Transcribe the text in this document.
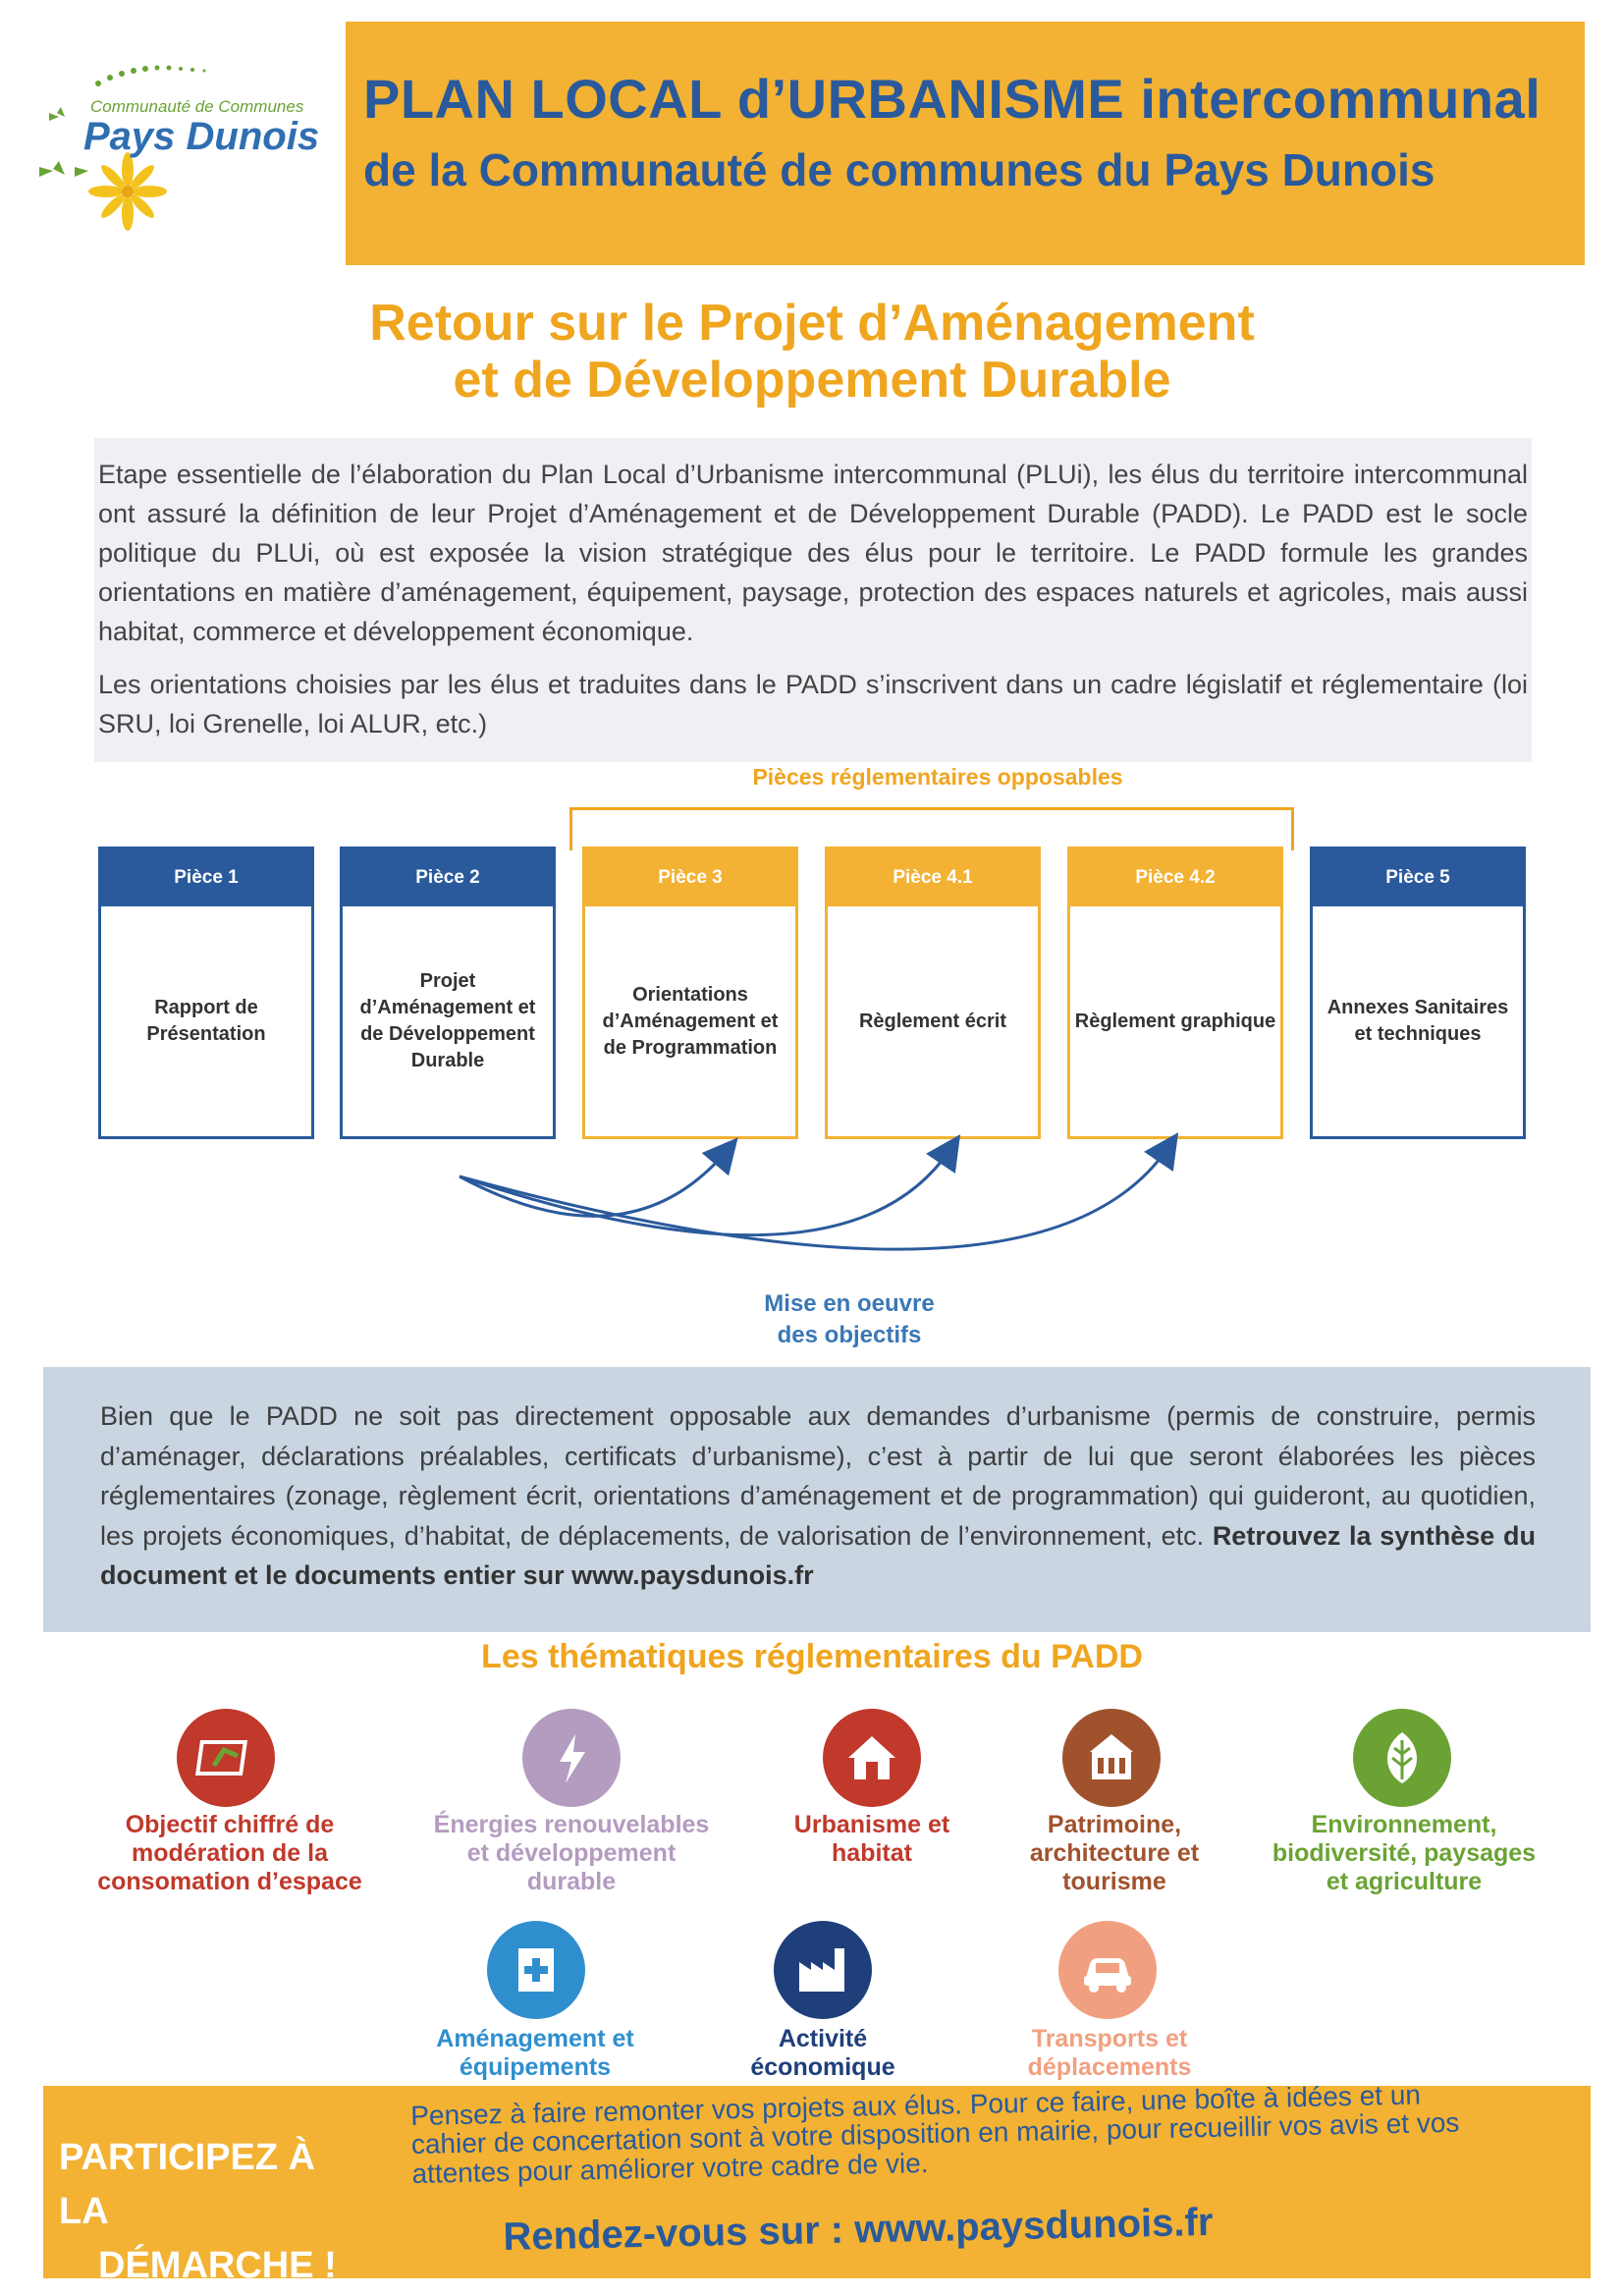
Communauté de Communes
Pays Dunois
PLAN LOCAL d’URBANISME intercommunal
de la Communauté de communes du Pays Dunois
Retour sur le Projet d’Aménagement
et de Développement Durable

Etape essentielle de l’élaboration du Plan Local d’Urbanisme intercommunal (PLUi), les élus du territoire intercommunal ont assuré la définition de leur Projet d’Aménagement et de Développement Durable (PADD). Le PADD est le socle politique du PLUi, où est exposée la vision stratégique des élus pour le territoire. Le PADD formule les grandes orientations en matière d’aménagement, équipement, paysage, protection des espaces naturels et agricoles, mais aussi habitat, commerce et développement économique.

Les orientations choisies par les élus et traduites dans le PADD s’inscrivent dans un cadre législatif et réglementaire (loi SRU, loi Grenelle, loi ALUR, etc.)

Pièces réglementaires opposables
Pièce 1
Rapport de Présentation
Pièce 2
Projet d’Aménagement et de Développement Durable
Pièce 3
Orientations d’Aménagement et de Programmation
Pièce 4.1
Règlement écrit
Pièce 4.2
Règlement graphique
Pièce 5
Annexes Sanitaires et techniques
Mise en oeuvre
des objectifs
Bien que le PADD ne soit pas directement opposable aux demandes d’urbanisme (permis de construire, permis d’aménager, déclarations préalables, certificats d’urbanisme), c’est à partir de lui que seront élaborées les pièces réglementaires (zonage, règlement écrit, orientations d’aménagement et de programmation) qui guideront, au quotidien, les projets économiques, d’habitat, de déplacements, de valorisation de l’environnement, etc. Retrouvez la synthèse du document et le documents entier sur www.paysdunois.fr
Les thématiques réglementaires du PADD
Objectif chiffré de modération de la consomation d’espace
Énergies renouvelables et développement durable
Urbanisme et habitat
Patrimoine, architecture et tourisme
Environnement, biodiversité, paysages et agriculture
Aménagement et équipements
Activité économique
Transports et déplacements
PARTICIPEZ À LA
DÉMARCHE !
Pensez à faire remonter vos projets aux élus. Pour ce faire, une boîte à idées et un cahier de concertation sont à votre disposition en mairie, pour recueillir vos avis et vos attentes pour améliorer votre cadre de vie.
Rendez-vous sur : www.paysdunois.fr
